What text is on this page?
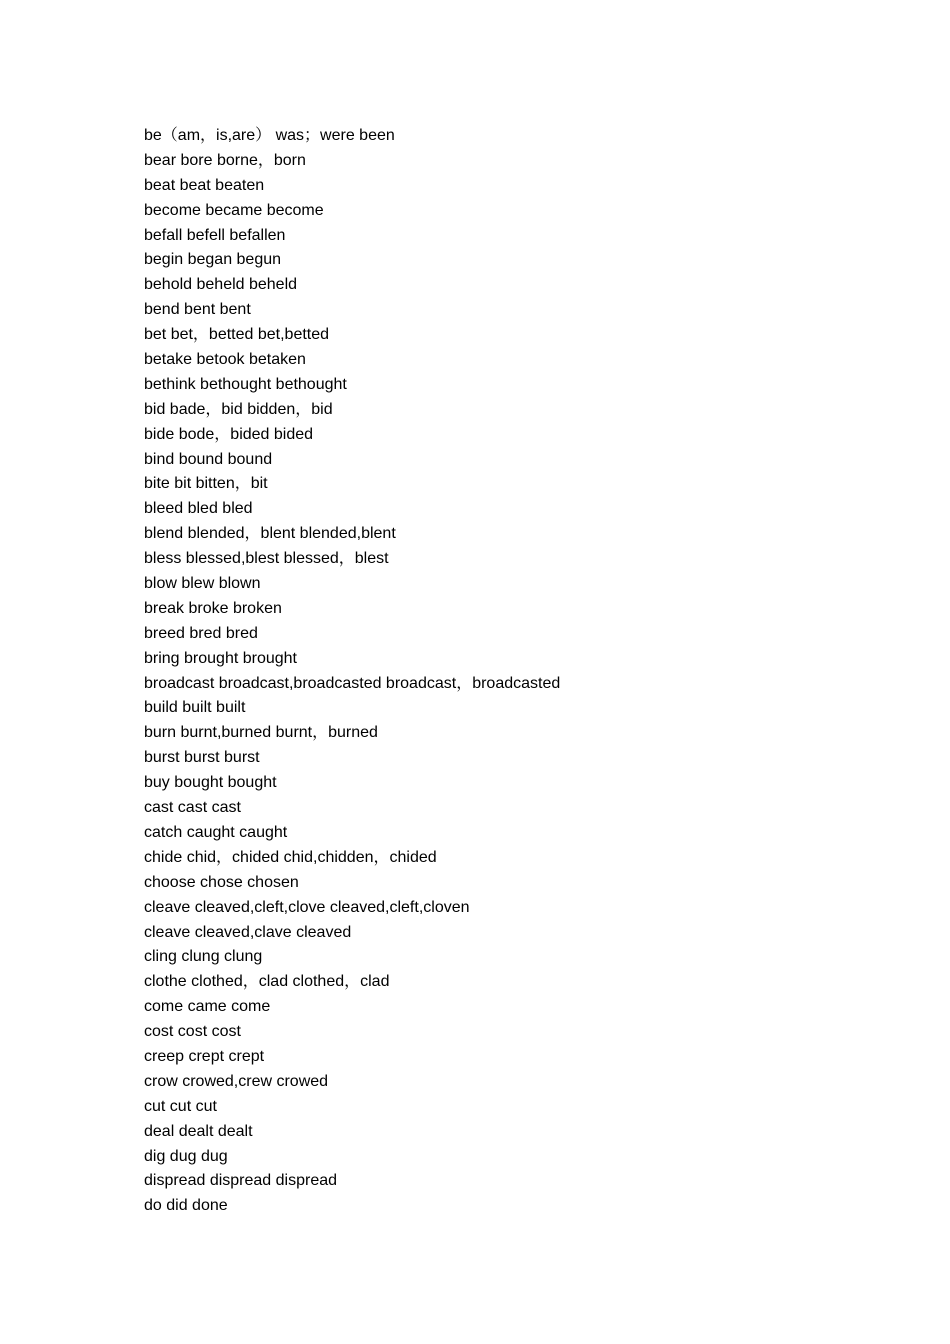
be（am，is,are） was；were been
bear bore borne，born
beat beat beaten
become became become
befall befell befallen
begin began begun
behold beheld beheld
bend bent bent
bet bet，betted bet,betted
betake betook betaken
bethink bethought bethought
bid bade，bid bidden，bid
bide bode，bided bided
bind bound bound
bite bit bitten，bit
bleed bled bled
blend blended，blent blended,blent
bless blessed,blest blessed，blest
blow blew blown
break broke broken
breed bred bred
bring brought brought
broadcast broadcast,broadcasted broadcast，broadcasted
build built built
burn burnt,burned burnt，burned
burst burst burst
buy bought bought
cast cast cast
catch caught caught
chide chid，chided chid,chidden，chided
choose chose chosen
cleave cleaved,cleft,clove cleaved,cleft,cloven
cleave cleaved,clave cleaved
cling clung clung
clothe clothed，clad clothed，clad
come came come
cost cost cost
creep crept crept
crow crowed,crew crowed
cut cut cut
deal dealt dealt
dig dug dug
dispread dispread dispread
do did done
